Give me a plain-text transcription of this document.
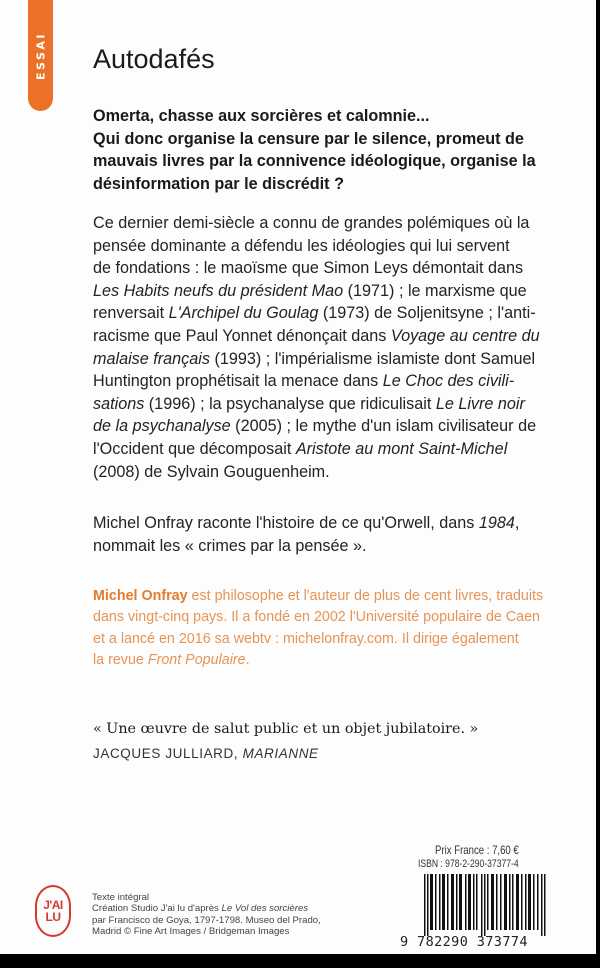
ESSAI Autodafés
Omerta, chasse aux sorcières et calomnie...
Qui donc organise la censure par le silence, promeut de
mauvais livres par la connivence idéologique, organise la
désinformation par le discrédit ?
Ce dernier demi-siècle a connu de grandes polémiques où la
pensée dominante a défendu les idéologies qui lui servent
de fondations : le maoïsme que Simon Leys démontait dans
Les Habits neufs du président Mao (1971) ; le marxisme que
renversait L'Archipel du Goulag (1973) de Soljenitsyne ; l'anti-
racisme que Paul Yonnet dénonçait dans Voyage au centre du
malaise français (1993) ; l'impérialisme islamiste dont Samuel
Huntington prophétisait la menace dans Le Choc des civili-
sations (1996) ; la psychanalyse que ridiculisait Le Livre noir
de la psychanalyse (2005) ; le mythe d'un islam civilisateur de
l'Occident que décomposait Aristote au mont Saint-Michel
(2008) de Sylvain Gouguenheim.
Michel Onfray raconte l'histoire de ce qu'Orwell, dans 1984,
nommait les « crimes par la pensée ».
Michel Onfray est philosophe et l'auteur de plus de cent livres, traduits
dans vingt-cinq pays. Il a fondé en 2002 l'Université populaire de Caen
et a lancé en 2016 sa webtv : michelonfray.com. Il dirige également
la revue Front Populaire.
« Une œuvre de salut public et un objet jubilatoire. »
JACQUES JULLIARD, MARIANNE
J'AI
LU
Texte intégral
Création Studio J'ai lu d'après Le Vol des sorcières
par Francisco de Goya, 1797-1798. Museo del Prado,
Madrid © Fine Art Images / Bridgeman Images
Prix France : 7,60 €
ISBN : 978-2-290-37377-4
9 782290 373774
